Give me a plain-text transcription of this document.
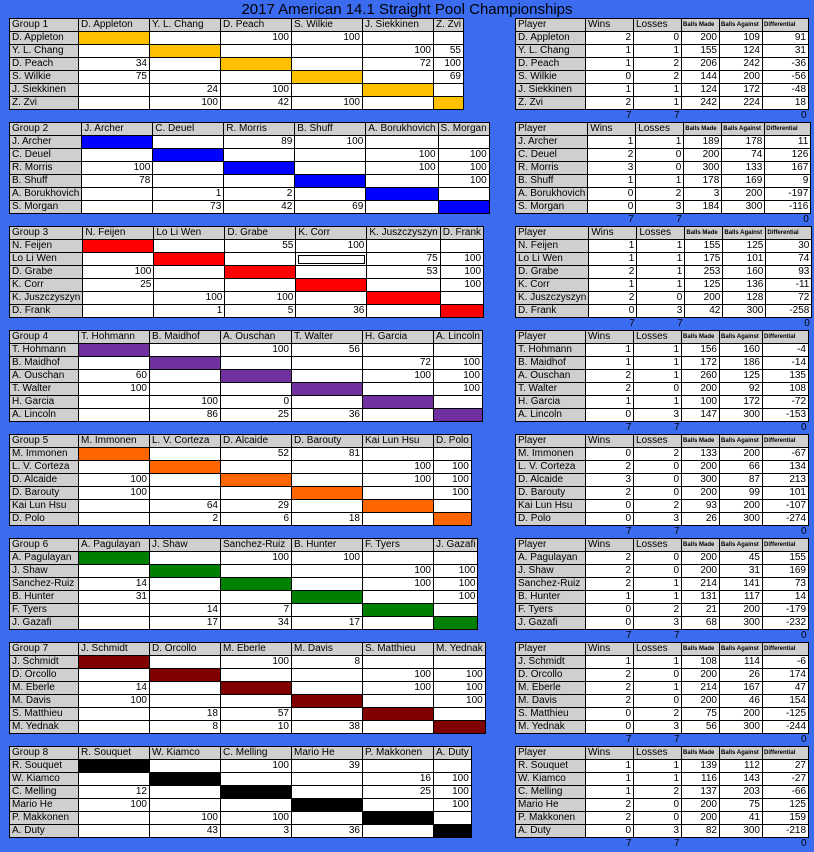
2017 American 14.1 Straight Pool Championships
Group 1	D. Appleton	Y. L. Chang	D. Peach	S. Wilkie	J. Siekkinen	Z. Zvi
D. Appleton			100	100		
Y. L. Chang					100	55
D. Peach	34				72	100
S. Wilkie	75					69
J. Siekkinen		24	100			
Z. Zvi		100	42	100		
Player	Wins	Losses	Balls Made	Balls Against	Differential
D. Appleton	2	0	200	109	91
Y. L. Chang	1	1	155	124	31
D. Peach	1	2	206	242	-36
S. Wilkie	0	2	144	200	-56
J. Siekkinen	1	1	124	172	-48
Z. Zvi	2	1	242	224	18
	7	7			0
Group 2	J. Archer	C. Deuel	R. Morris	B. Shuff	A. Borukhovich	S. Morgan
J. Archer			89	100		
C. Deuel					100	100
R. Morris	100				100	100
B. Shuff	78					100
A. Borukhovich		1	2			
S. Morgan		73	42	69		
Player	Wins	Losses	Balls Made	Balls Against	Differential
J. Archer	1	1	189	178	11
C. Deuel	2	0	200	74	126
R. Morris	3	0	300	133	167
B. Shuff	1	1	178	169	9
A. Borukhovich	0	2	3	200	-197
S. Morgan	0	3	184	300	-116
	7	7			0
Group 3	N. Feijen	Lo Li Wen	D. Grabe	K. Corr	K. Juszczyszyn	D. Frank
N. Feijen			55	100		
Lo Li Wen					75	100
D. Grabe	100				53	100
K. Corr	25					100
K. Juszczyszyn		100	100			
D. Frank		1	5	36		
Player	Wins	Losses	Balls Made	Balls Against	Differential
N. Feijen	1	1	155	125	30
Lo Li Wen	1	1	175	101	74
D. Grabe	2	1	253	160	93
K. Corr	1	1	125	136	-11
K. Juszczyszyn	2	0	200	128	72
D. Frank	0	3	42	300	-258
	7	7			0
Group 4	T. Hohmann	B. Maidhof	A. Ouschan	T. Walter	H. Garcia	A. Lincoln
T. Hohmann			100	56		
B. Maidhof					72	100
A. Ouschan	60				100	100
T. Walter	100					100
H. Garcia		100	0			
A. Lincoln		86	25	36		
Player	Wins	Losses	Balls Made	Balls Against	Differential
T. Hohmann	1	1	156	160	-4
B. Maidhof	1	1	172	186	-14
A. Ouschan	2	1	260	125	135
T. Walter	2	0	200	92	108
H. Garcia	1	1	100	172	-72
A. Lincoln	0	3	147	300	-153
	7	7			0
Group 5	M. Immonen	L. V. Corteza	D. Alcaide	D. Barouty	Kai Lun Hsu	D. Polo
M. Immonen			52	81		
L. V. Corteza					100	100
D. Alcaide	100				100	100
D. Barouty	100					100
Kai Lun Hsu		64	29			
D. Polo		2	6	18		
Player	Wins	Losses	Balls Made	Balls Against	Differential
M. Immonen	0	2	133	200	-67
L. V. Corteza	2	0	200	66	134
D. Alcaide	3	0	300	87	213
D. Barouty	2	0	200	99	101
Kai Lun Hsu	0	2	93	200	-107
D. Polo	0	3	26	300	-274
	7	7			0
Group 6	A. Pagulayan	J. Shaw	Sanchez-Ruiz	B. Hunter	F. Tyers	J. Gazafi
A. Pagulayan			100	100		
J. Shaw					100	100
Sanchez-Ruiz	14				100	100
B. Hunter	31					100
F. Tyers		14	7			
J. Gazafi		17	34	17		
Player	Wins	Losses	Balls Made	Balls Against	Differential
A. Pagulayan	2	0	200	45	155
J. Shaw	2	0	200	31	169
Sanchez-Ruiz	2	1	214	141	73
B. Hunter	1	1	131	117	14
F. Tyers	0	2	21	200	-179
J. Gazafi	0	3	68	300	-232
	7	7			0
Group 7	J. Schmidt	D. Orcollo	M. Eberle	M. Davis	S. Matthieu	M. Yednak
J. Schmidt			100	8		
D. Orcollo					100	100
M. Eberle	14				100	100
M. Davis	100					100
S. Matthieu		18	57			
M. Yednak		8	10	38		
Player	Wins	Losses	Balls Made	Balls Against	Differential
J. Schmidt	1	1	108	114	-6
D. Orcollo	2	0	200	26	174
M. Eberle	2	1	214	167	47
M. Davis	2	0	200	46	154
S. Matthieu	0	2	75	200	-125
M. Yednak	0	3	56	300	-244
	7	7			0
Group 8	R. Souquet	W. Kiamco	C. Melling	Mario He	P. Makkonen	A. Duty
R. Souquet			100	39		
W. Kiamco					16	100
C. Melling	12				25	100
Mario He	100					100
P. Makkonen		100	100			
A. Duty		43	3	36		
Player	Wins	Losses	Balls Made	Balls Against	Differential
R. Souquet	1	1	139	112	27
W. Kiamco	1	1	116	143	-27
C. Melling	1	2	137	203	-66
Mario He	2	0	200	75	125
P. Makkonen	2	0	200	41	159
A. Duty	0	3	82	300	-218
	7	7			0
